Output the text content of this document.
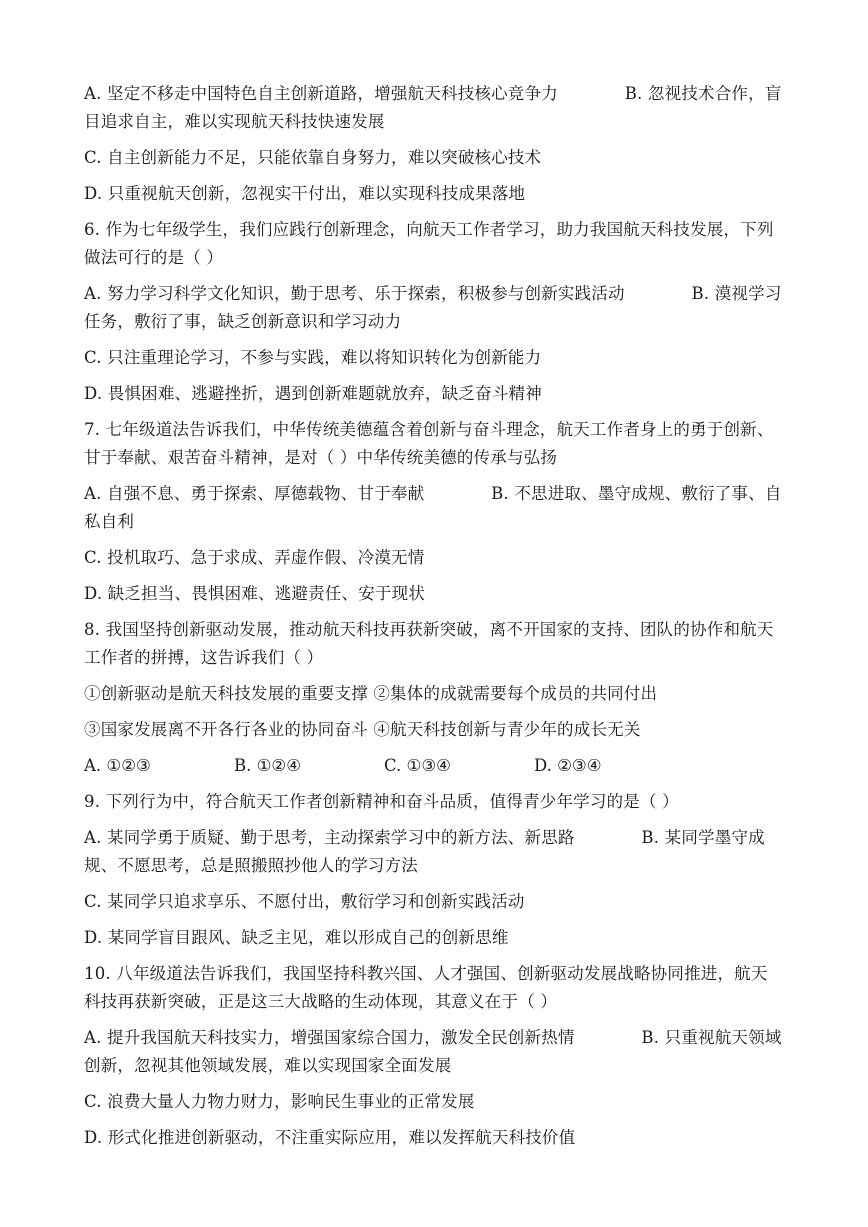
A. 坚定不移走中国特色自主创新道路，增强航天科技核心竞争力　　　　B. 忽视技术合作，盲目追求自主，难以实现航天科技快速发展

C. 自主创新能力不足，只能依靠自身努力，难以突破核心技术

D. 只重视航天创新，忽视实干付出，难以实现科技成果落地

6. 作为七年级学生，我们应践行创新理念，向航天工作者学习，助力我国航天科技发展，下列做法可行的是（ ）

A. 努力学习科学文化知识，勤于思考、乐于探索，积极参与创新实践活动　　　　B. 漠视学习任务，敷衍了事，缺乏创新意识和学习动力

C. 只注重理论学习，不参与实践，难以将知识转化为创新能力

D. 畏惧困难、逃避挫折，遇到创新难题就放弃，缺乏奋斗精神

7. 七年级道法告诉我们，中华传统美德蕴含着创新与奋斗理念，航天工作者身上的勇于创新、甘于奉献、艰苦奋斗精神，是对（ ）中华传统美德的传承与弘扬

A. 自强不息、勇于探索、厚德载物、甘于奉献　　　　B. 不思进取、墨守成规、敷衍了事、自私自利

C. 投机取巧、急于求成、弄虚作假、冷漠无情

D. 缺乏担当、畏惧困难、逃避责任、安于现状

8. 我国坚持创新驱动发展，推动航天科技再获新突破，离不开国家的支持、团队的协作和航天工作者的拼搏，这告诉我们（ ）

①创新驱动是航天科技发展的重要支撑 ②集体的成就需要每个成员的共同付出

③国家发展离不开各行各业的协同奋斗 ④航天科技创新与青少年的成长无关

A. ①②③	B. ①②④	C. ①③④	D. ②③④

9. 下列行为中，符合航天工作者创新精神和奋斗品质，值得青少年学习的是（ ）

A. 某同学勇于质疑、勤于思考，主动探索学习中的新方法、新思路　　　　B. 某同学墨守成规、不愿思考，总是照搬照抄他人的学习方法

C. 某同学只追求享乐、不愿付出，敷衍学习和创新实践活动

D. 某同学盲目跟风、缺乏主见，难以形成自己的创新思维

10. 八年级道法告诉我们，我国坚持科教兴国、人才强国、创新驱动发展战略协同推进，航天科技再获新突破，正是这三大战略的生动体现，其意义在于（ ）

A. 提升我国航天科技实力，增强国家综合国力，激发全民创新热情　　　　B. 只重视航天领域创新，忽视其他领域发展，难以实现国家全面发展

C. 浪费大量人力物力财力，影响民生事业的正常发展

D. 形式化推进创新驱动，不注重实际应用，难以发挥航天科技价值
